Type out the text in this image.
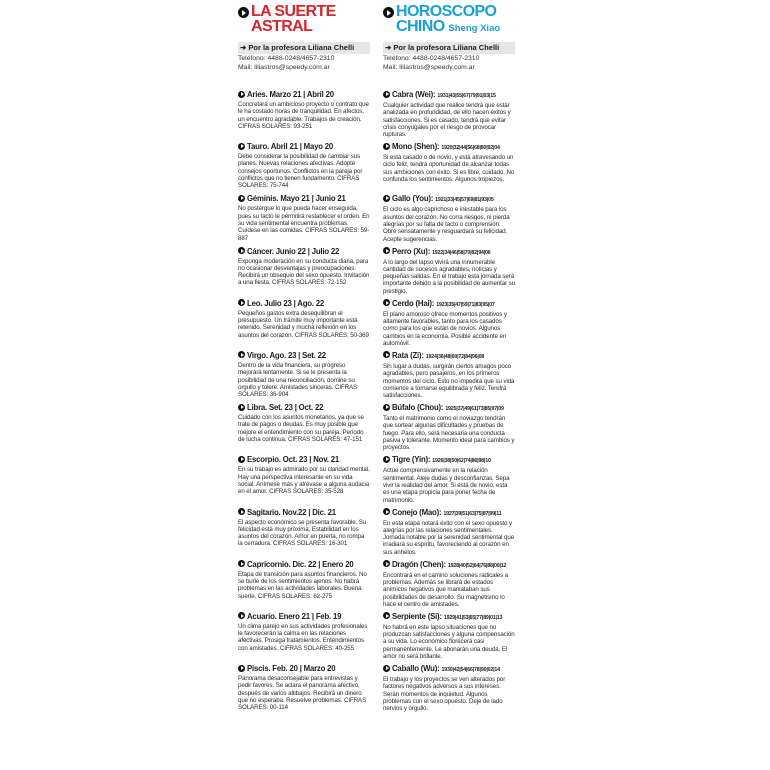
LA SUERTE
ASTRAL
➜ Por la profesora Liliana Chelli
Teléfono: 4488-0248/4657-2310
Mail: liliastros@speedy.com.ar
Aries. Marzo 21 | Abril 20
Concretará un ambicioso proyecto o contrato que le ha costado horas de tranquilidad. En afectos, un encuentro agradable. Trabajos de creación. CIFRAS SOLARES: 93-251
Tauro. Abril 21 | Mayo 20
Debe considerar la posibilidad de cambiar sus planes. Nuevas relaciones afectivas. Adopte consejos oportunos. Conflictos en la pareja por conflictos que no tienen fundamento. CIFRAS SOLARES: 75-744
Géminis. Mayo 21 | Junio 21
No postergue lo que pueda hacer enseguida, pues su tacto le permitirá restablecer el orden. En su vida sentimental encuentra problemas. Cuídese en las comidas. CIFRAS SOLARES: 59-887
Cáncer. Junio 22 | Julio 22
Exponga moderación en su conducta diaria, para no ocasionar desventajas y preocupaciones. Recibirá un obsequio del sexo opuesto. Invitación a una fiesta. CIFRAS SOLARES: 72-152
Leo. Julio 23 | Ago. 22
Pequeños gastos extra desequilibran el presupuesto. Un trámite muy importante está retenido. Serenidad y mucha reflexión en los asuntos del corazón. CIFRAS SOLARES: 50-369
Virgo. Ago. 23 | Set. 22
Dentro de la vida financiera, su progreso mejorará lentamente. Si se le presenta la posibilidad de una reconciliación, domine su orgullo y tolere. Amistades sinceras. CIFRAS SOLARES: 36-904
Libra. Set. 23 | Oct. 22
Cuidado con los asuntos monetarios, ya que se trate de pagos o deudas. Es muy posible que mejore el entendimiento con su pareja. Período de lucha continua. CIFRAS SOLARES: 47-151
Escorpio. Oct. 23 | Nov. 21
En su trabajo es admirado por su claridad mental. Hay una perspectiva interesante en su vida social. Anímese más y atrévase a alguna audacia en el amor. CIFRAS SOLARES: 35-528
Sagitario. Nov.22 | Dic. 21
El aspecto económico se presenta favorable. Su felicidad está muy próxima. Estabilidad en los asuntos del corazón. Amor en puerta, no rompa la cerradura. CIFRAS SOLARES: 16-301
Capricornio. Dic. 22 | Enero 20
Etapa de transición para asuntos financieros. No se burle de los sentimientos ajenos. No habrá problemas en las actividades laborales. Buena suerte. CIFRAS SOLARES: 62-275
Acuario. Enero 21 | Feb. 19
Un clima parejo en sus actividades profesionales le favorecerán la calma en las relaciones afectivas. Prosiga tratamientos. Entendimientos con amistades. CIFRAS SOLARES: 40-255
Piscis. Feb. 20 | Marzo 20
Panorama desaconsejable para entrevistas y pedir favores. Se aclara el panorama afectivo, después de varios altibajos. Recibirá un dinero que no esperaba. Resuelve problemas. CIFRAS SOLARES: 00-114
HOROSCOPO
CHINO Sheng Xiao
➜ Por la profesora Liliana Chelli
Teléfono: 4488-0248/4657-2310
Mail: liliastros@speedy.com.ar
Cabra (Wei): 1931|43|55|67|79|91|03|15
Cualquier actividad que realice tendrá que estar analizada en profundidad, de ello nacen éxitos y satisfacciones. Si es casado, tendrá que evitar crisis conyugales por el riesgo de provocar rupturas.
Mono (Shen): 1920|32|44|56|68|80|92|04
Si está casado o de novio, y está atravesando un ciclo feliz, tendrá oportunidad de alcanzar todas sus ambiciones con éxito. Si es libre, cuidado. No confunda los sentimientos. Algunos tropiezos.
Gallo (You): 1921|33|45|57|69|81|93|05
El ciclo es algo caprichoso e inestable para los asuntos del corazón. No corra riesgos, ni pierda alegrías por su falta de tacto o comprensión. Obre sensatamente y resguardará su felicidad. Acepte sugerencias.
Perro (Xu): 1922|34|46|58|70|82|94|06
A lo largo del lapso vivirá una innumerable cantidad de sucesos agradables, noticias y pequeñas salidas. En el trabajo esta jornada será importante debido a la posibilidad de aumentar su prestigio.
Cerdo (Hai): 1923|35|47|59|71|83|95|07
El plano amoroso ofrece momentos positivos y altamente favorables, tanto para los casados como para los que están de novios. Algunos cambios en la economía. Posible accidente en automóvil.
Rata (Zi): 1924|36|48|60|72|84|96|08
Sin lugar a dudas, surgirán ciertos amagos poco agradables, pero pasajeros, en los primeros momentos del ciclo. Esto no impedirá que su vida comience a tornarse equilibrada y feliz. Tendrá satisfacciones.
Búfalo (Chou): 1925|37|49|61|73|85|97|09
Tanto el matrimonio como el noviazgo tendrán que sortear algunas dificultades y pruebas de fuego. Para ello, será necesaria una conducta pasiva y tolerante. Momento ideal para cambios y proyectos.
Tigre (Yin): 1926|38|50|62|74|86|98|10
Actúe comprensivamente en la relación sentimental. Aleje dudas y desconfianzas. Sepa vivir la realidad del amor. Si está de novio, esta es una etapa propicia para poner fecha de matrimonio.
Conejo (Mao): 1927|39|51|63|75|87|99|11
En esta etapa notará éxito con el sexo opuesto y alegrías por las relaciones sentimentales. Jornada notable por la serenidad sentimental que irradiará su espíritu, favoreciendo al corazón en sus anhelos.
Dragón (Chen): 1928|40|52|64|76|88|00|12
Encontrará en el camino soluciones radicales a problemas. Además se librará de estados anímicos negativos que maniataban sus posibilidades de desarrollo. Su magnetismo lo hace el centro de amistades.
Serpiente (Si): 1929|41|53|65|77|89|01|13
No habrá en este lapso situaciones que no produzcan satisfacciones y alguna compensación a su vida. Lo económico florecerá casi permanentemente. Le abonarán una deuda. El amor no será brillante.
Caballo (Wu): 1930|42|54|66|78|90|02|14
El trabajo y los proyectos se ven alterados por factores negativos adversos a sus intereses. Serán momentos de inquietud. Algunos problemas con el sexo opuesto. Deje de lado nervios y orgullo.
